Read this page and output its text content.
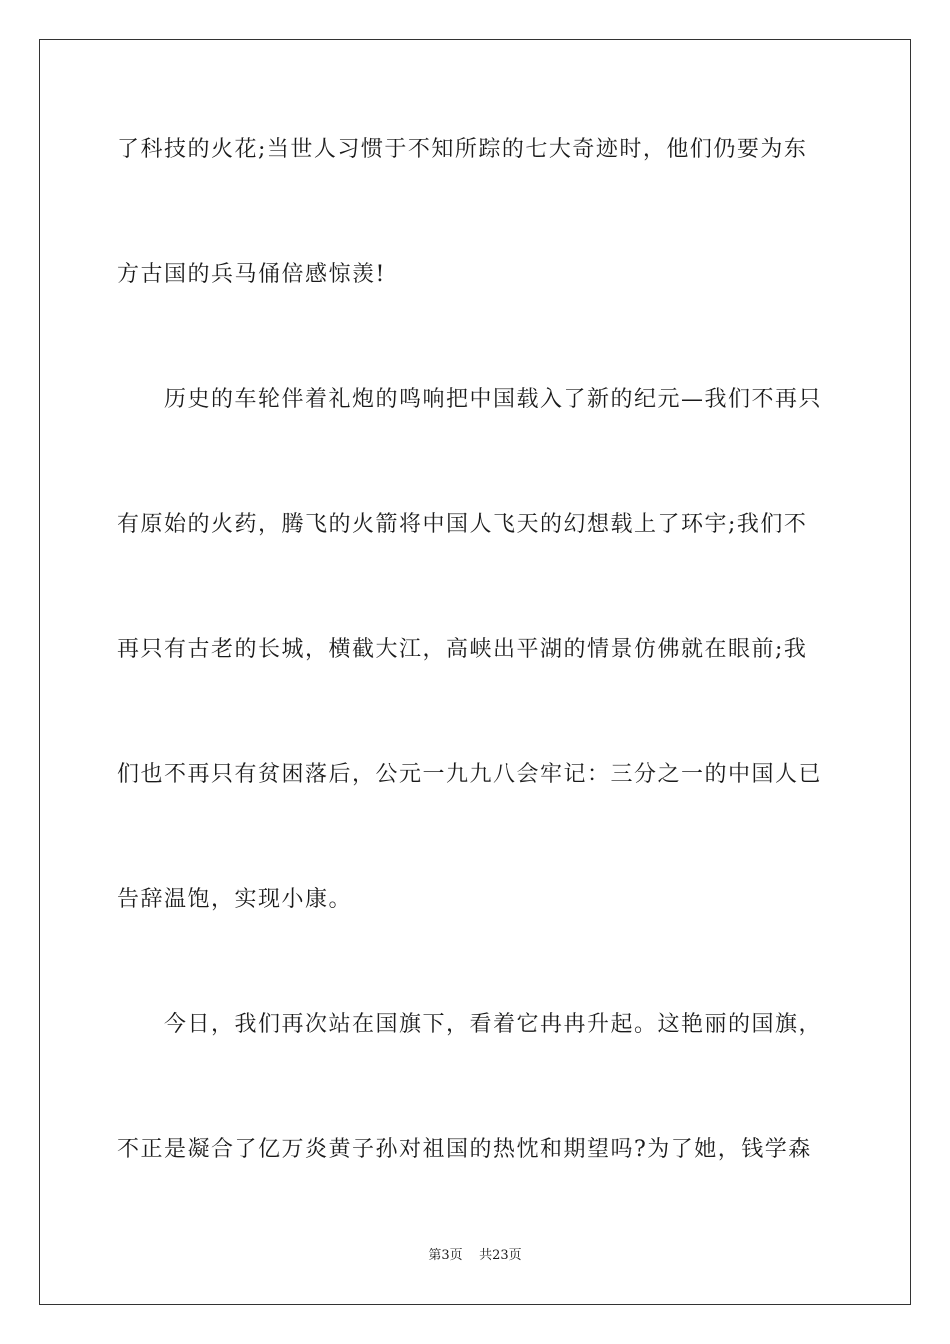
了科技的火花;当世人习惯于不知所踪的七大奇迹时，他们仍要为东
方古国的兵马俑倍感惊羡!
　　历史的车轮伴着礼炮的鸣响把中国载入了新的纪元—我们不再只
有原始的火药，腾飞的火箭将中国人飞天的幻想载上了环宇;我们不
再只有古老的长城，横截大江，高峡出平湖的情景仿佛就在眼前;我
们也不再只有贫困落后，公元一九九八会牢记：三分之一的中国人已
告辞温饱，实现小康。
　　今日，我们再次站在国旗下，看着它冉冉升起。这艳丽的国旗，
不正是凝合了亿万炎黄子孙对祖国的热忱和期望吗?为了她，钱学森
第3页 共23页
